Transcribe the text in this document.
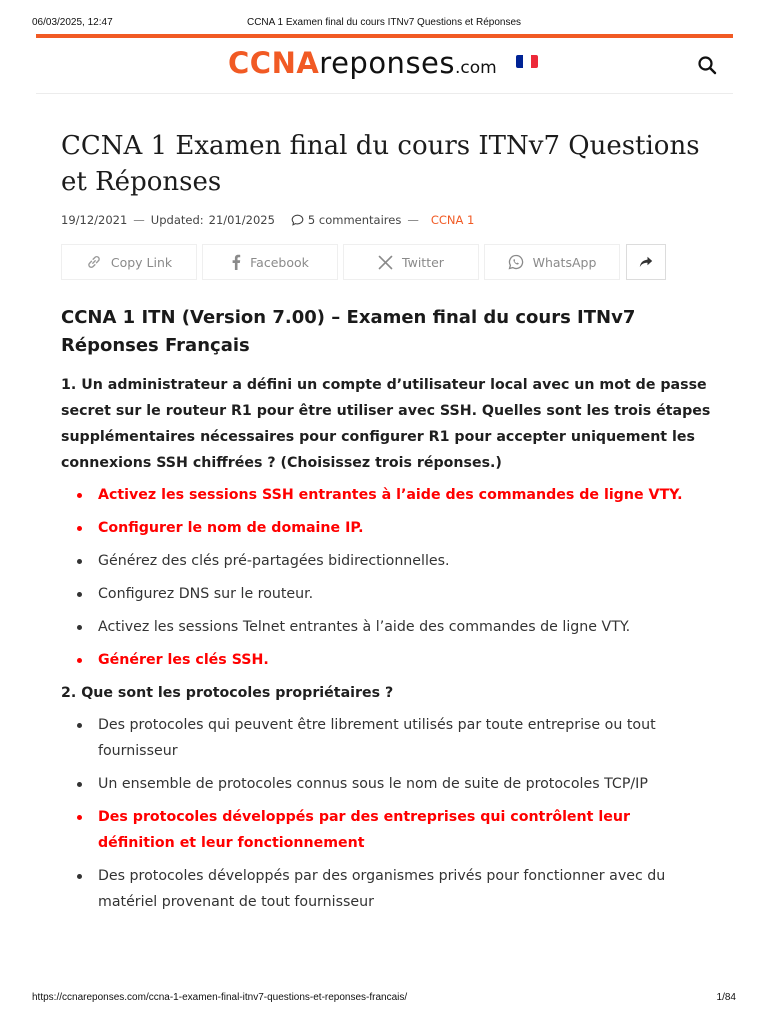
06/03/2025, 12:47	CCNA 1 Examen final du cours ITNv7 Questions et Réponses
CCNAreponses.com
CCNA 1 Examen final du cours ITNv7 Questions et Réponses
19/12/2021 — Updated: 21/01/2025	5 commentaires — CCNA 1
Copy Link	Facebook	Twitter	WhatsApp
CCNA 1 ITN (Version 7.00) – Examen final du cours ITNv7 Réponses Français

1. Un administrateur a défini un compte d’utilisateur local avec un mot de passe secret sur le routeur R1 pour être utiliser avec SSH. Quelles sont les trois étapes supplémentaires nécessaires pour configurer R1 pour accepter uniquement les connexions SSH chiffrées ? (Choisissez trois réponses.)

Activez les sessions SSH entrantes à l’aide des commandes de ligne VTY.
Configurer le nom de domaine IP.
Générez des clés pré-partagées bidirectionnelles.
Configurez DNS sur le routeur.
Activez les sessions Telnet entrantes à l’aide des commandes de ligne VTY.
Générer les clés SSH.

2. Que sont les protocoles propriétaires ?

Des protocoles qui peuvent être librement utilisés par toute entreprise ou tout fournisseur
Un ensemble de protocoles connus sous le nom de suite de protocoles TCP/IP
Des protocoles développés par des entreprises qui contrôlent leur définition et leur fonctionnement
Des protocoles développés par des organismes privés pour fonctionner avec du matériel provenant de tout fournisseur
https://ccnareponses.com/ccna-1-examen-final-itnv7-questions-et-reponses-francais/	1/84
